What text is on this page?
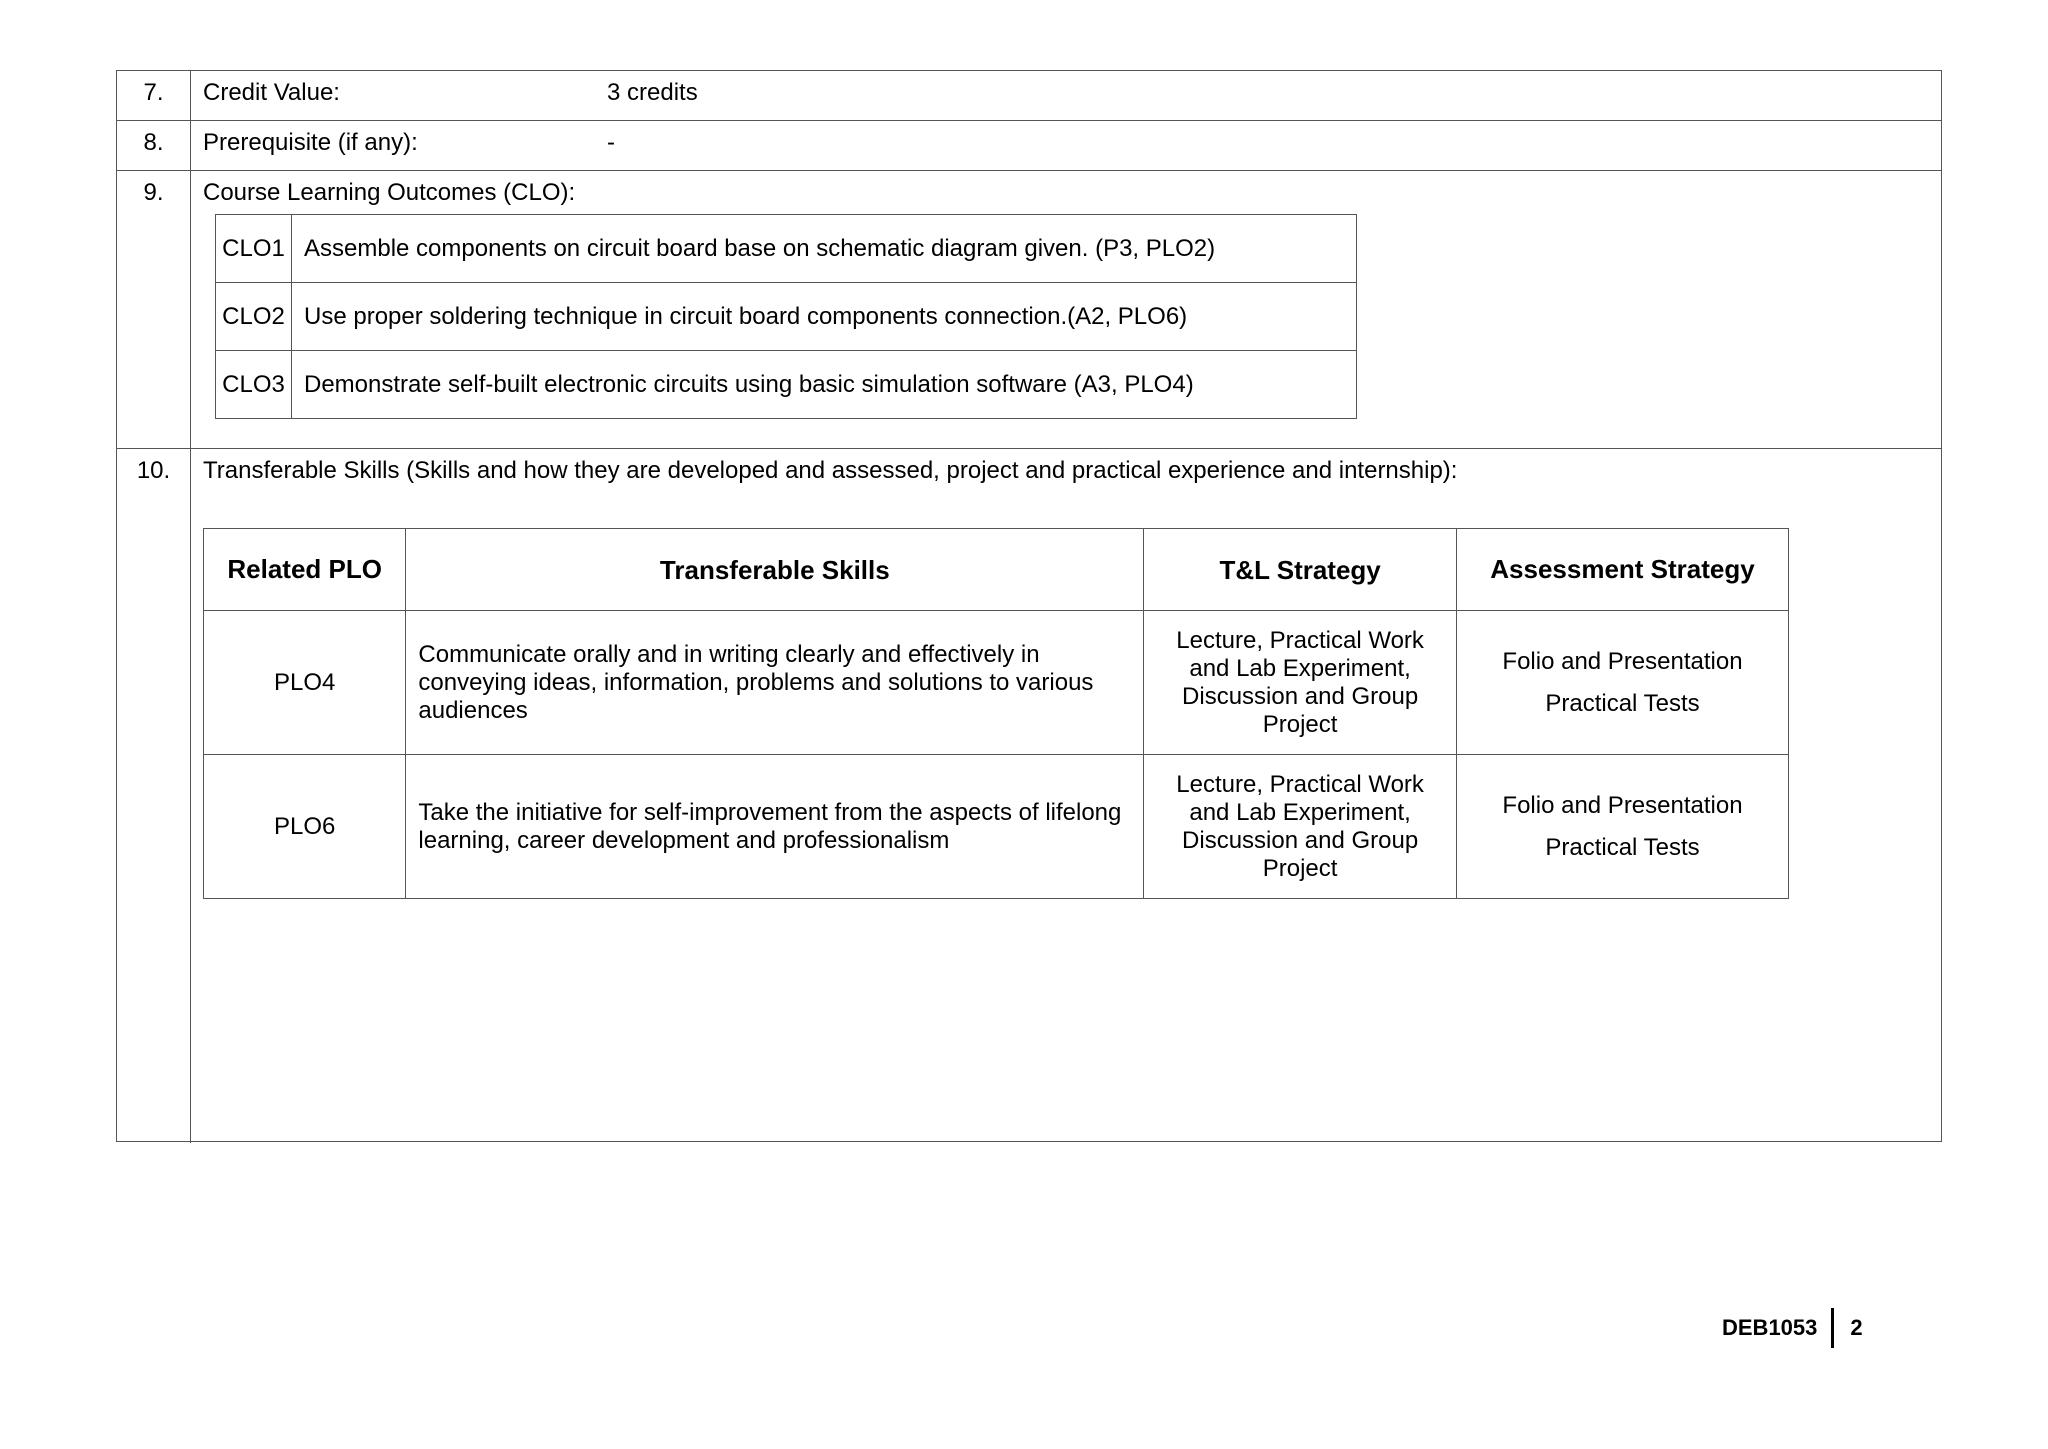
7.	Credit Value:	3 credits
8.	Prerequisite (if any):	-
9.	Course Learning Outcomes (CLO):
CLO1	Assemble components on circuit board base on schematic diagram given. (P3, PLO2)
CLO2	Use proper soldering technique in circuit board components connection.(A2, PLO6)
CLO3	Demonstrate self-built electronic circuits using basic simulation software (A3, PLO4)
10.	Transferable Skills (Skills and how they are developed and assessed, project and practical experience and internship):
Related PLO	Transferable Skills	T&L Strategy	Assessment Strategy
PLO4	Communicate orally and in writing clearly and effectively in conveying ideas, information, problems and solutions to various audiences	Lecture, Practical Work and Lab Experiment, Discussion and Group Project	Folio and Presentation
Practical Tests

PLO6	Take the initiative for self-improvement from the aspects of lifelong learning, career development and professionalism	Lecture, Practical Work and Lab Experiment, Discussion and Group Project	Folio and Presentation
Practical Tests
DEB1053 2
